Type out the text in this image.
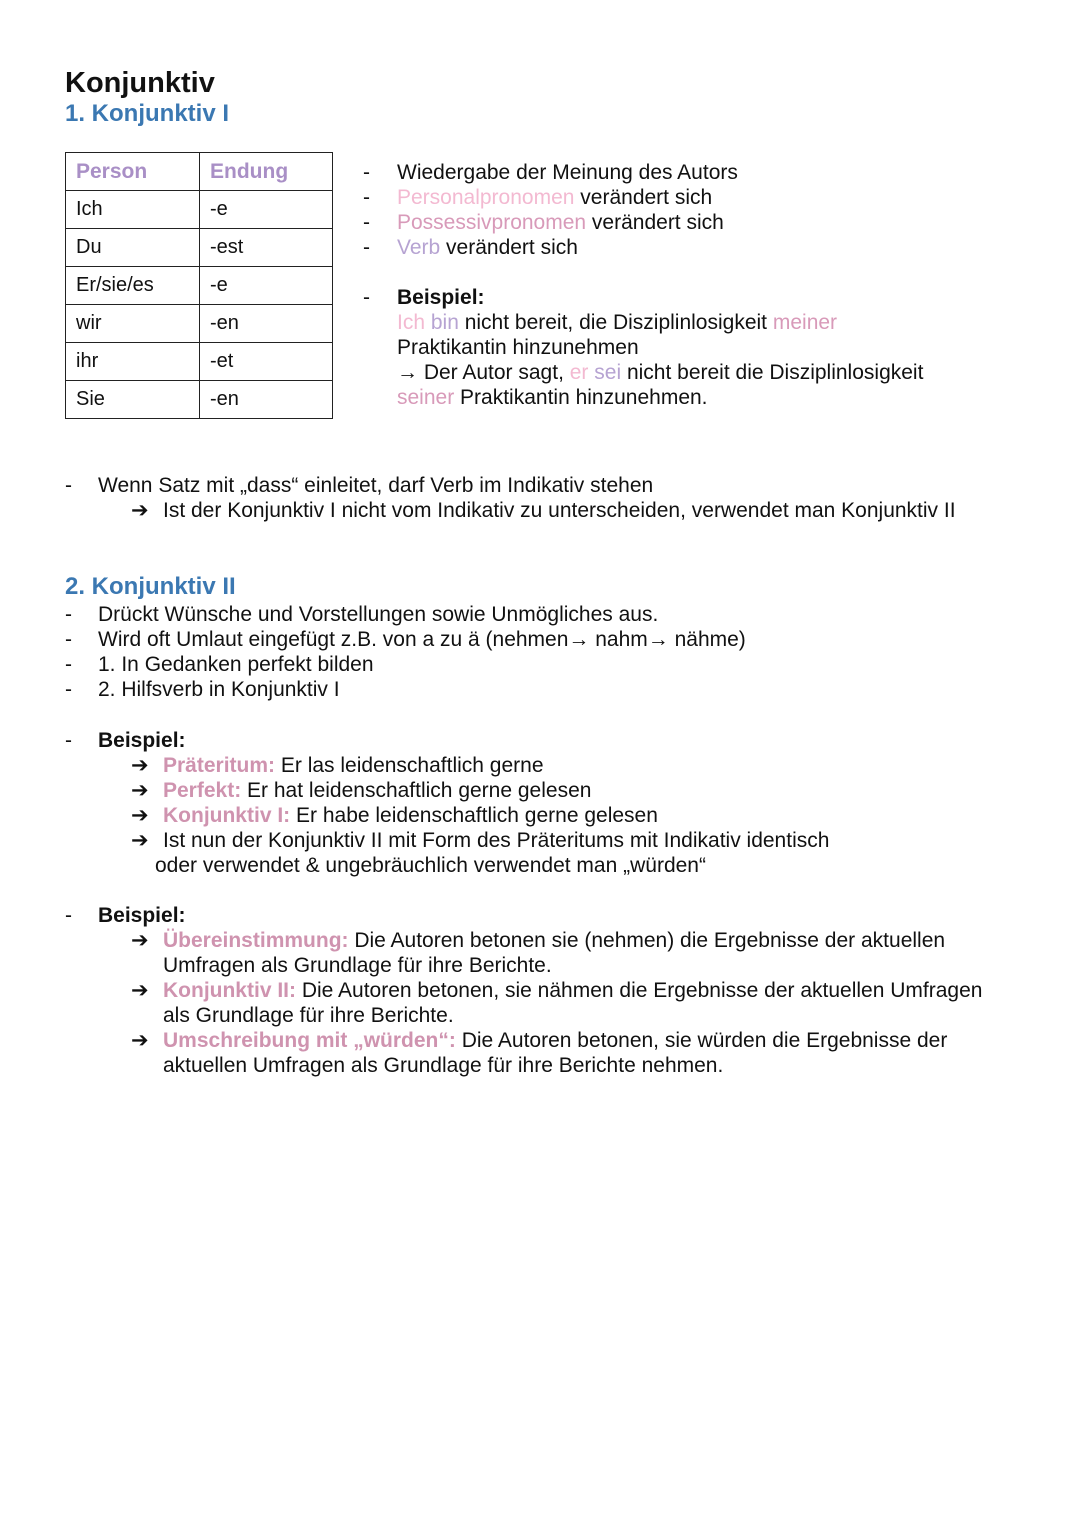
Konjunktiv
1. Konjunktiv I
Person	Endung
Ich	-e
Du	-est
Er/sie/es	-e
wir	-en
ihr	-et
Sie	-en
- Wiedergabe der Meinung des Autors
- Personalpronomen verändert sich
- Possessivpronomen verändert sich
- Verb verändert sich
- Beispiel:
Ich bin nicht bereit, die Disziplinlosigkeit meiner
Praktikantin hinzunehmen
→ Der Autor sagt, er sei nicht bereit die Disziplinlosigkeit
seiner Praktikantin hinzunehmen.
- Wenn Satz mit „dass“ einleitet, darf Verb im Indikativ stehen
➔ Ist der Konjunktiv I nicht vom Indikativ zu unterscheiden, verwendet man Konjunktiv II
2. Konjunktiv II
- Drückt Wünsche und Vorstellungen sowie Unmögliches aus.
- Wird oft Umlaut eingefügt z.B. von a zu ä (nehmen→ nahm→ nähme)
- 1. In Gedanken perfekt bilden
- 2. Hilfsverb in Konjunktiv I
- Beispiel:
➔ Präteritum: Er las leidenschaftlich gerne
➔ Perfekt: Er hat leidenschaftlich gerne gelesen
➔ Konjunktiv I: Er habe leidenschaftlich gerne gelesen
➔ Ist nun der Konjunktiv II mit Form des Präteritums mit Indikativ identisch
oder verwendet & ungebräuchlich verwendet man „würden“
- Beispiel:
➔ Übereinstimmung: Die Autoren betonen sie (nehmen) die Ergebnisse der aktuellen
Umfragen als Grundlage für ihre Berichte.
➔ Konjunktiv II: Die Autoren betonen, sie nähmen die Ergebnisse der aktuellen Umfragen
als Grundlage für ihre Berichte.
➔ Umschreibung mit „würden“: Die Autoren betonen, sie würden die Ergebnisse der
aktuellen Umfragen als Grundlage für ihre Berichte nehmen.
